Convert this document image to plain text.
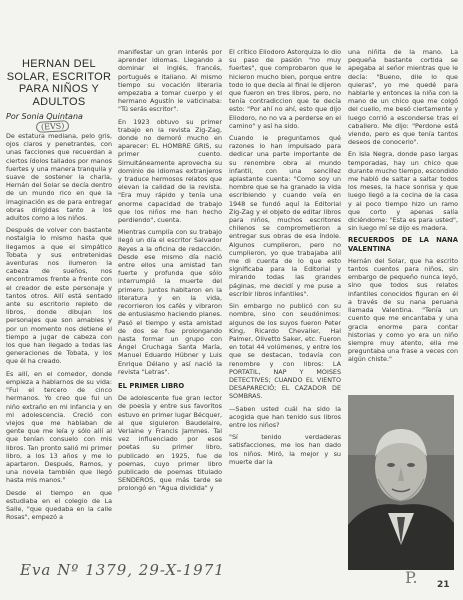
HERNAN DEL SOLAR, ESCRITOR PARA NIÑOS Y ADULTOS
Por Sonia Quintana
(EVS)

De estatura mediana, pelo gris, ojos claros y penetrantes, con unas facciones que recuerdan a ciertos ídolos tallados por manos fuertes y una manera tranquila y suave de sostener la charla, Hernán del Solar se decía dentro de un mundo rico en que la imaginación es de para entregar obras dirigidas tanto a los adultos como a los niños.

Después de volver con bastante nostalgia lo mismo hasta que llegamos a que el simpático Tobata y sus entretenidas aventuras nos ilumeron la cabeza de sueños, nos encontramos frente a frente con el creador de este personaje y tantos otros. Allí está sentado ante su escritorio repleto de libros, donde dibujan los personajes que son amables y por un momento nos detiene el tiempo a jugar de cabeza con los que han llegado a todas las generaciones de Tobata, y los que él ha creado.

Es allí, en el comedor, donde empieza a hablarnos de su vida: "Fui el tercero de cinco hermanos. Yo creo que fui un niño extraño en mi infancia y en mi adolescencia. Creció con viejos que me hablaban de gente que me leía y sólo allí al que tenían consuelo con mis libros. Tan pronto salió mi primer libro, a los 13 años y me lo apartaron. Después, Ramos, y una novela también que llegó hasta mis manos."

Desde el tiempo en que estudiaba en el colegio de La Salle, "que quedaba en la calle Rosas", empezó a

manifestar un gran interés por aprender idiomas. Llegando a dominar el inglés, francés, portugués e italiano. Al mismo tiempo su vocación literaria empezaba a tomar cuerpo y el hermano Agustín le vaticinaba: "Tú serás escritor".

En 1923 obtuvo su primer trabajo en la revista Zig-Zag, donde no demoró mucho en aparecer: EL HOMBRE GRIS, su primer cuento. Simultáneamente aprovecha su dominio de idiomas extranjeros y traduce hermosos relatos que elevan la calidad de la revista. "Era muy rápido y tenía una enorme capacidad de trabajo que los niños me han hecho perdiendo", cuenta.

Mientras cumplía con su trabajo llegó un día el escritor Salvador Reyes a la oficina de redacción. Desde ese mismo día nació entre ellos una amistad tan fuerte y profunda que sólo interrumpió la muerte del primero. Juntos habitaron en la literatura y en la vida, recorrieron los cafés y vibraron de entusiasmo haciendo planes. Pasó el tiempo y esta amistad de dos se fue prolongando hasta formar un grupo con Ángel Cruchaga Santa María, Manuel Eduardo Hübner y Luis Enrique Délano y así nació la revista "Letras".

EL PRIMER LIBRO

De adolescente fue gran lector de poesía y entre sus favoritos estuvo en primer lugar Bécquer, al que siguieron Baudelaire, Verlaine y Francis Jammes. Tal vez influenciado por esos poetas su primer libro, publicado en 1925, fue de poemas, cuyo primer libro publicado de poemas titulado SENDEROS, que más tarde se prolongó en "Agua dividida" y

El crítico Eliodoro Astorquiza lo dio su paso de pasión "no muy fuertes", que comprobaron que le hicieron mucho bien, porque entre todo lo que decía al final le dijeron que fueron en tres libros, pero, no tenía contradiccion que te decía esto: "Por ahí no ahí, esto que dijo Eliodoro, no no va a perderse en el camino" y así ha sido.

Cuando le preguntamos qué razones lo han impulsado para dedicar una parte importante de su renombre obra al mundo infantil, con una sencillez aplastante cuenta: "Como soy un hombre que se ha granado la vida escribiendo y cuando veía en 1948 se fundó aquí la Editorial Zig-Zag y el objeto de editar libros para niños, muchos escritores chilenos se comprometieron a entregar sus obras de esa índole. Algunos cumplieron, pero no cumplieron, yo que trabajaba allí me di cuenta de lo que esto significaba para la Editorial y mirando todas las grandes páginas, me decidí y me puse a escribir libros infantiles".

Sin embargo no publicó con su nombre, sino con seudónimos: algunos de los suyos fueron Peter King, Ricardo Chevalier, Hal Palmer, Olivetto Saker, etc. Fueron en total 44 volúmenes, y entre los que se destacan, todavía con renombre y con libros: LA PORTATIL, NAP Y MOISES DETECTIVES; CUANDO EL VIENTO DESAPARECIÓ; EL CAZADOR DE SOMBRAS.

—Saben usted cuál ha sido la acogida que han tenido sus libros entre los niños?

"Sí tenido verdaderas satisfacciones, me los han dado los niños. Miró, la mejor y su muerte dar la

una niñita de la mano. La pequeña bastante cortida se apegaba al señor mientras que le decía: "Bueno, dile lo que quieras", yo me quedé para hablarle y entonces la niña con la mano de un chico que me colgó del cuello, me besó ciertamente y luego corrió a esconderse tras el caballero. Me dijo: "Perdone está viendo, pero es que tenía tantos deseos de conocerlo".

En Isla Negra, donde paso largas temporadas, hay un chico que durante mucho tiempo, escondido me habló de saltar a saltar todos los meses, la hace sonrisa y que luego llegó a la cocina de la casa y al poco tiempo hizo un ramo que corto y apenas salía diciéndome: "Esta es para usted", sin luego mí se dijo es madera.

RECUERDOS DE LA NANA VALENTINA

Hernán del Solar, que ha escrito tantos cuentos para niños, sin embargo de pequeño nunca leyó, sino que todos sus relatos infantiles conocidos figuran en él a través de su nana peruana llamada Valentina. "Tenía un cuento que me encantaba y una gracia enorme para contar historias y como yo era un niño siempre muy atento, ella me preguntaba una frase a veces con algún chiste."

Eva Nº 1379, 29-X-1971	P. 21
